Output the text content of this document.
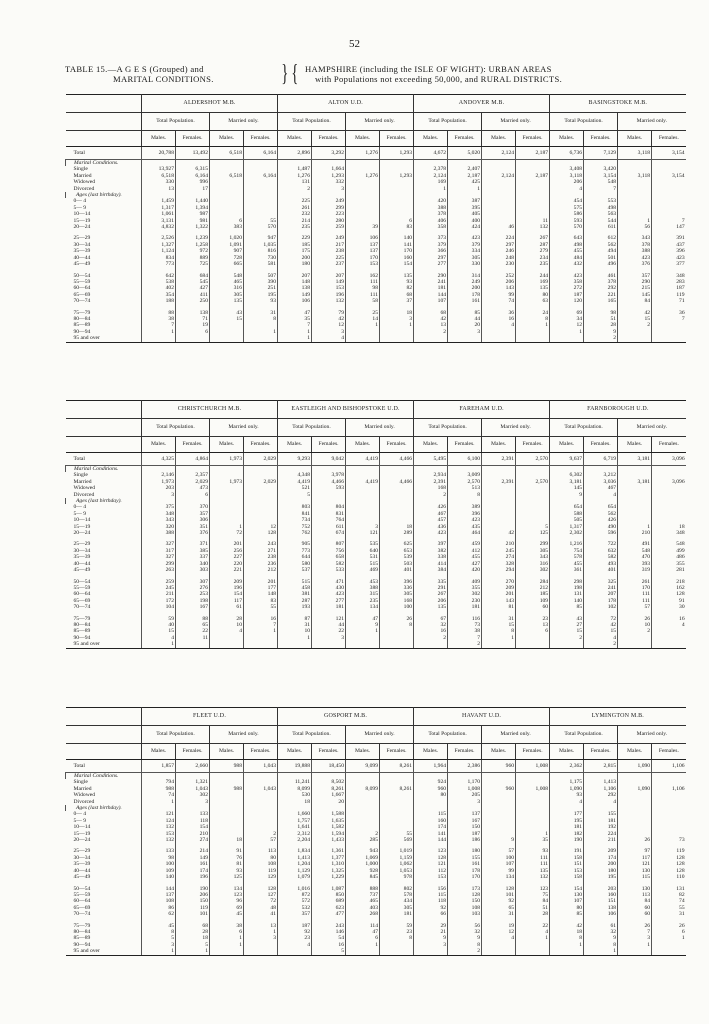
52
TABLE 15.—A G E S (Grouped) and
MARITAL CONDITIONS.	} { HAMPSHIRE (including the ISLE OF WIGHT): URBAN AREAS
with Populations not exceeding 50,000, and RURAL DISTRICTS.
	ALDERSHOT M.B.				ALTON U.D.				ANDOVER M.B.				BASINGSTOKE M.B.			
	Total Population.		Married only.		Total Population.		Married only.		Total Population.		Married only.		Total Population.		Married only.	
	Males.	Females.	Males.	Females.	Males.	Females.	Males.	Females.	Males.	Females.	Males.	Females.	Males.	Females.	Males.	Females.
Total	20,788	13,492	6,518	6,164	2,896	3,292	1,276	1,293	4,672	5,020	2,124	2,187	6,736	7,129	3,118	3,154
Marital Conditions.																
Single	13,927	6,315			1,487	1,664			2,378	2,407			3,408	3,420		
Married	6,518	6,164	6,518	6,164	1,276	1,293	1,276	1,293	2,124	2,187	2,124	2,187	3,118	3,154	3,118	3,154
Widowed	330	996			131	332			169	425			206	548		
Divorced	13	17			2	3			1	1			4	7		
Ages (last birthday).																
0— 4	1,459	1,440			225	249			420	387			454	553		
5— 9	1,317	1,394			261	299			388	395			575	498		
10—14	1,061	987			232	223			378	405			586	563		
15—19	3,131	981	6	55	214	280		6	406	400		11	593	544	1	7
20—24	4,832	1,322	383	570	235	259	39	83	358	424	46	132	570	611	56	147

25—29	2,526	1,239	1,020	947	229	249	106	140	373	423	224	267	643	612	343	391
30—34	1,327	1,258	1,091	1,035	185	217	137	141	379	379	297	287	498	562	378	437
35—39	1,124	972	907	816	175	238	137	170	366	334	246	279	455	494	388	396
40—44	834	889	728	730	200	225	170	160	297	305	248	234	484	501	423	423
45—49	773	725	665	581	180	237	153	154	277	330	230	235	432	496	376	377

50—54	642	684	548	507	207	207	162	135	290	314	252	244	423	461	357	348
55—59	538	545	465	390	148	149	111	93	241	249	206	169	358	378	290	283
60—64	402	427	316	251	138	153	98	82	181	200	143	135	272	292	215	187
65—69	354	411	305	195	149	196	111	68	144	178	99	80	187	221	145	119
70—74	188	250	135	93	106	132	58	37	107	161	74	63	120	165	84	71

75—79	88	138	43	31	47	79	25	18	68	85	36	24	69	98	42	36
80—84	38	71	15	8	35	42	14	3	42	44	16	8	34	51	15	7
85—89	7	19			7	12	1	1	13	20	4	1	12	28	2	
90—94	1	6		1	1	3			2	3			1	9		
95 and over					1	4								2		
	CHRISTCHURCH M.B.				EASTLEIGH AND BISHOPSTOKE U.D.				FAREHAM U.D.				FARNBOROUGH U.D.			
	Total Population.		Married only.		Total Population.		Married only.		Total Population.		Married only.		Total Population.		Married only.	
	Males.	Females.	Males.	Females.	Males.	Females.	Males.	Females.	Males.	Females.	Males.	Females.	Males.	Females.	Males.	Females.
Total	4,325	4,864	1,973	2,029	9,293	9,042	4,419	4,466	5,495	6,100	2,391	2,570	9,637	6,719	3,181	3,096
Marital Conditions.																
Single	2,146	2,357			4,348	3,978			2,934	3,009			6,302	3,212		
Married	1,973	2,029	1,973	2,029	4,419	4,466	4,419	4,466	2,391	2,570	2,391	2,570	3,181	3,036	3,181	3,096
Widowed	203	473			521	593			168	513			145	467		
Divorced	3	6			5				2	8			9	4		
Ages (last birthday).																
0— 4	375	370			803	804			426	389			654	654		
5— 9	348	357			841	831			467	396			588	562		
10—14	343	306			734	764			457	423			505	426		
15—19	320	351	1	12	752	611	3	18	436	435		5	1,317	490	1	18
20—24	388	376	72	128	762	674	121	289	423	464	42	125	2,302	596	210	348

25—29	327	371	201	243	905	807	535	625	397	459	210	299	1,216	722	491	548
30—34	317	385	256	271	773	756	640	653	382	412	245	305	754	632	548	499
35—39	327	337	227	238	644	658	531	539	338	455	274	343	578	582	470	486
40—44	299	340	220	236	580	582	515	503	414	427	328	316	455	493	393	355
45—49	263	303	221	212	537	533	469	401	384	420	294	302	361	401	319	281

50—54	259	307	209	201	515	471	453	396	335	409	270	284	298	325	261	218
55—59	245	276	196	177	458	430	388	336	291	355	209	212	198	241	170	162
60—64	211	253	154	148	381	423	315	305	267	302	201	185	131	207	111	128
65—69	172	198	117	83	287	277	235	168	206	230	143	109	140	178	111	91
70—74	104	167	61	55	193	181	134	100	135	181	81	60	85	102	57	30

75—79	59	88	28	16	87	121	47	26	67	116	31	23	43	72	26	16
80—84	40	65	10	7	31	44	9	8	32	73	15	13	27	42	10	4
85—89	15	22	4	1	10	22	1		16	38	8	6	15	15	2	
90—94	4	11			1	3			2	7	1		2	4		
95 and over	1									2				2		
	FLEET U.D.				GOSPORT M.B.				HAVANT U.D.				LYMINGTON M.B.			
	Total Population.		Married only.		Total Population.		Married only.		Total Population.		Married only.		Total Population.		Married only.	
	Males.	Females.	Males.	Females.	Males.	Females.	Males.	Females.	Males.	Females.	Males.	Females.	Males.	Females.	Males.	Females.
Total	1,857	2,660	988	1,043	19,888	18,450	9,099	8,261	1,964	2,386	960	1,008	2,362	2,815	1,090	1,106
Marital Conditions.																
Single	794	1,321			11,241	8,502			924	1,170			1,175	1,413		
Married	988	1,043	988	1,043	8,099	8,261	8,099	8,261	960	1,008	960	1,008	1,090	1,106	1,090	1,106
Widowed	74	302			530	1,667			80	205			93	292		
Divorced	1	3			18	20				3			4	4		
Ages (last birthday).																
0— 4	121	133			1,660	1,588			115	137			177	155		
5— 9	124	118			1,757	1,635			160	167			195	181		
10—14	132	154			1,641	1,582			174	150			181	192		
15—19	153	210		2	2,312	1,594	2	55	141	187		1	182	224		
20—24	132	274	18	57	2,204	1,433	285	569	144	186	9	35	190	211	26	73

25—29	133	214	91	113	1,834	1,361	943	1,019	123	180	57	93	191	209	97	119
30—34	98	149	76	80	1,413	1,377	1,069	1,159	128	155	100	111	158	174	117	128
35—39	100	161	81	108	1,204	1,310	1,000	1,062	121	161	107	111	151	200	121	128
40—44	109	174	93	119	1,129	1,325	928	1,053	112	178	99	135	153	180	130	128
45—49	140	196	125	129	1,079	1,229	845	978	153	170	134	132	158	195	115	110

50—54	144	190	134	128	1,016	1,087	888	802	156	173	128	123	154	203	130	131
55—59	137	206	123	127	872	850	737	578	115	128	101	75	130	160	113	82
60—64	108	150	96	72	572	689	465	434	118	150	92	84	107	151	84	74
65—69	86	119	69	48	532	623	403	305	92	108	65	51	80	138	60	55
70—74	62	101	45	41	357	477	268	181	66	103	31	28	85	106	60	31

75—79	45	68	38	13	187	243	114	59	29	56	19	22	42	61	26	26
80—84	8	28	6	1	92	146	47	23	21	32	12	4	18	32	7	6
85—89	5	18	1	3	23	54	6	8	9	9	4	1	8	9	3	1
90—94	3	5	1		4	16	1		3	8			1	8	1	
95 and over	1	1				5				2				1		
